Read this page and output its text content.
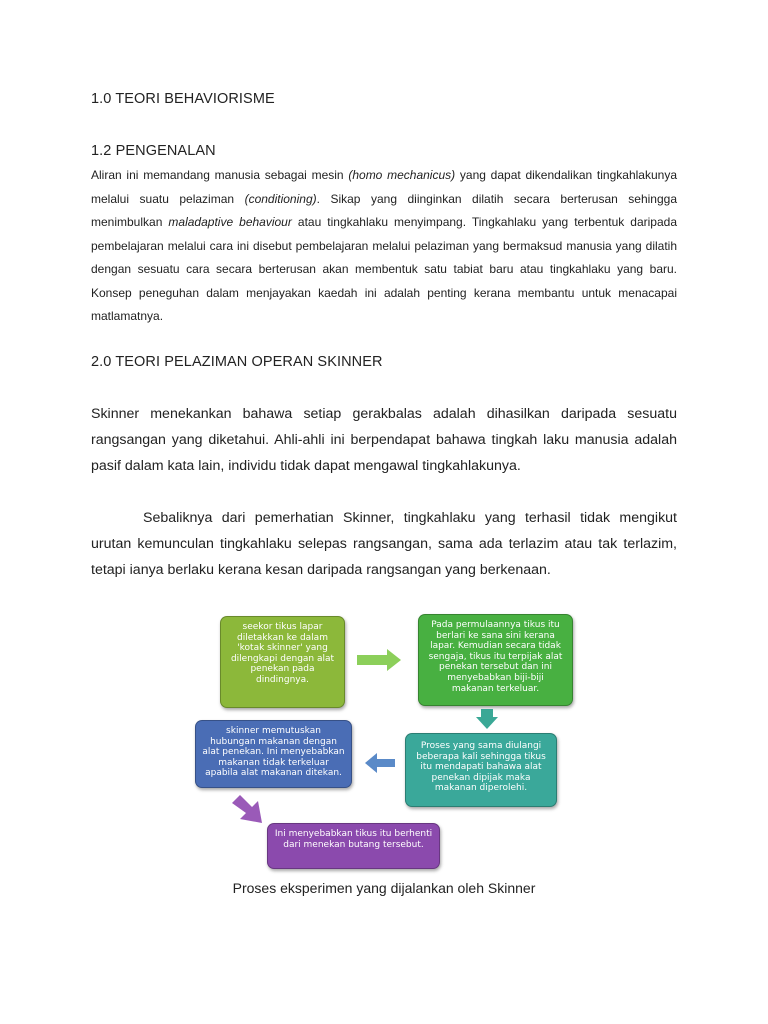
1.0 TEORI BEHAVIORISME
1.2 PENGENALAN
Aliran ini memandang manusia sebagai mesin (homo mechanicus) yang dapat dikendalikan tingkahlakunya melalui suatu pelaziman (conditioning). Sikap yang diinginkan dilatih secara berterusan sehingga menimbulkan maladaptive behaviour atau tingkahlaku menyimpang. Tingkahlaku yang terbentuk daripada pembelajaran melalui cara ini disebut pembelajaran melalui pelaziman yang bermaksud manusia yang dilatih dengan sesuatu cara secara berterusan akan membentuk satu tabiat baru atau tingkahlaku yang baru. Konsep peneguhan dalam menjayakan kaedah ini adalah penting kerana membantu untuk menacapai matlamatnya.
2.0 TEORI PELAZIMAN OPERAN SKINNER
Skinner menekankan bahawa setiap gerakbalas adalah dihasilkan daripada sesuatu rangsangan yang diketahui. Ahli-ahli ini berpendapat bahawa tingkah laku manusia adalah pasif dalam kata lain, individu tidak dapat mengawal tingkahlakunya.
Sebaliknya dari pemerhatian Skinner, tingkahlaku yang terhasil tidak mengikut urutan kemunculan tingkahlaku selepas rangsangan, sama ada terlazim atau tak terlazim, tetapi ianya berlaku kerana kesan daripada rangsangan yang berkenaan.
seekor tikus lapar diletakkan ke dalam 'kotak skinner' yang dilengkapi dengan alat penekan pada dindingnya.
Pada permulaannya tikus itu berlari ke sana sini kerana lapar. Kemudian secara tidak sengaja, tikus itu terpijak alat penekan tersebut dan ini menyebabkan biji-biji makanan terkeluar.
Proses yang sama diulangi beberapa kali sehingga tikus itu mendapati bahawa alat penekan dipijak maka makanan diperolehi.
skinner memutuskan hubungan makanan dengan alat penekan. Ini menyebabkan makanan tidak terkeluar apabila alat makanan ditekan.
Ini menyebabkan tikus itu berhenti dari menekan butang tersebut.
Proses eksperimen yang dijalankan oleh Skinner
